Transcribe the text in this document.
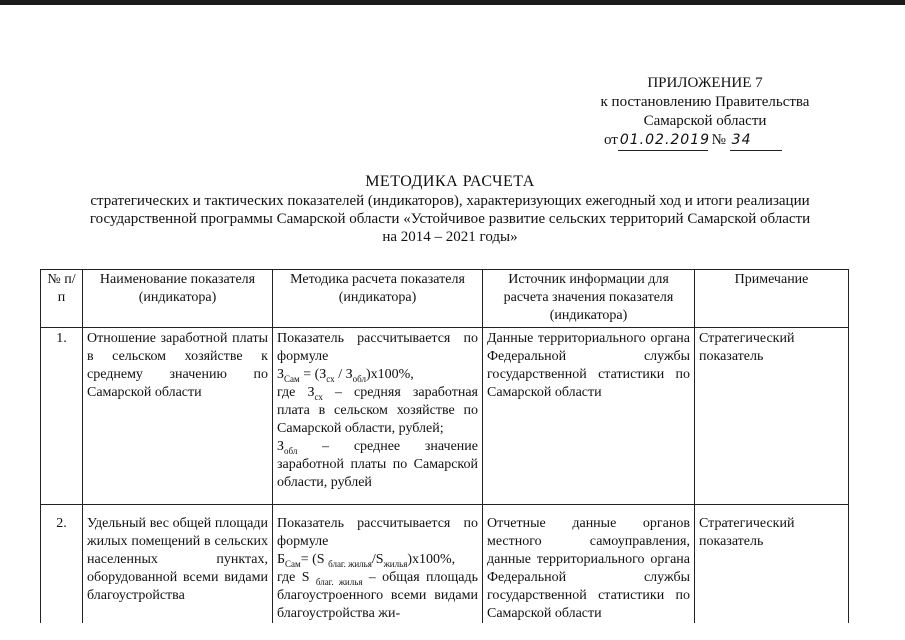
ПРИЛОЖЕНИЕ 7
к постановлению Правительства
Самарской области
от 01.02.2019 № 34
МЕТОДИКА РАСЧЕТА
стратегических и тактических показателей (индикаторов), характеризующих ежегодный ход и итоги реализации
государственной программы Самарской области «Устойчивое развитие сельских территорий Самарской области
на 2014 – 2021 годы»
№ п/п	Наименование показателя (индикатора)	Методика расчета показателя (индикатора)	Источник информации для расчета значения показателя (индикатора)	Примечание
1.	Отношение заработной платы в сельском хозяйстве к среднему значению по Самарской области	Показатель рассчитывается по формуле
$З_{Сам} = (З_{сх} / З_{обл})x100\%$,
где $З_{сх}$ – средняя заработная плата в сельском хозяйстве по Самарской области, рублей;
$З_{обл}$ – среднее значение заработной платы по Самарской области, рублей	Данные территориального органа Федеральной службы государственной статистики по Самарской области	Стратегический показатель
2.	Удельный вес общей площади жилых помещений в сельских населенных пунктах, оборудованной всеми видами благоустройства	Показатель рассчитывается по формуле
$Б_{Сам}= (S$ $_{благ. жилья}/S_{жилья})x100\%$,
где S $_{благ. жилья}$ – общая площадь благоустроенного всеми видами благоустройства жи-	Отчетные данные органов местного самоуправления, данные территориального органа Федеральной службы государственной статистики по Самарской области	Стратегический показатель
